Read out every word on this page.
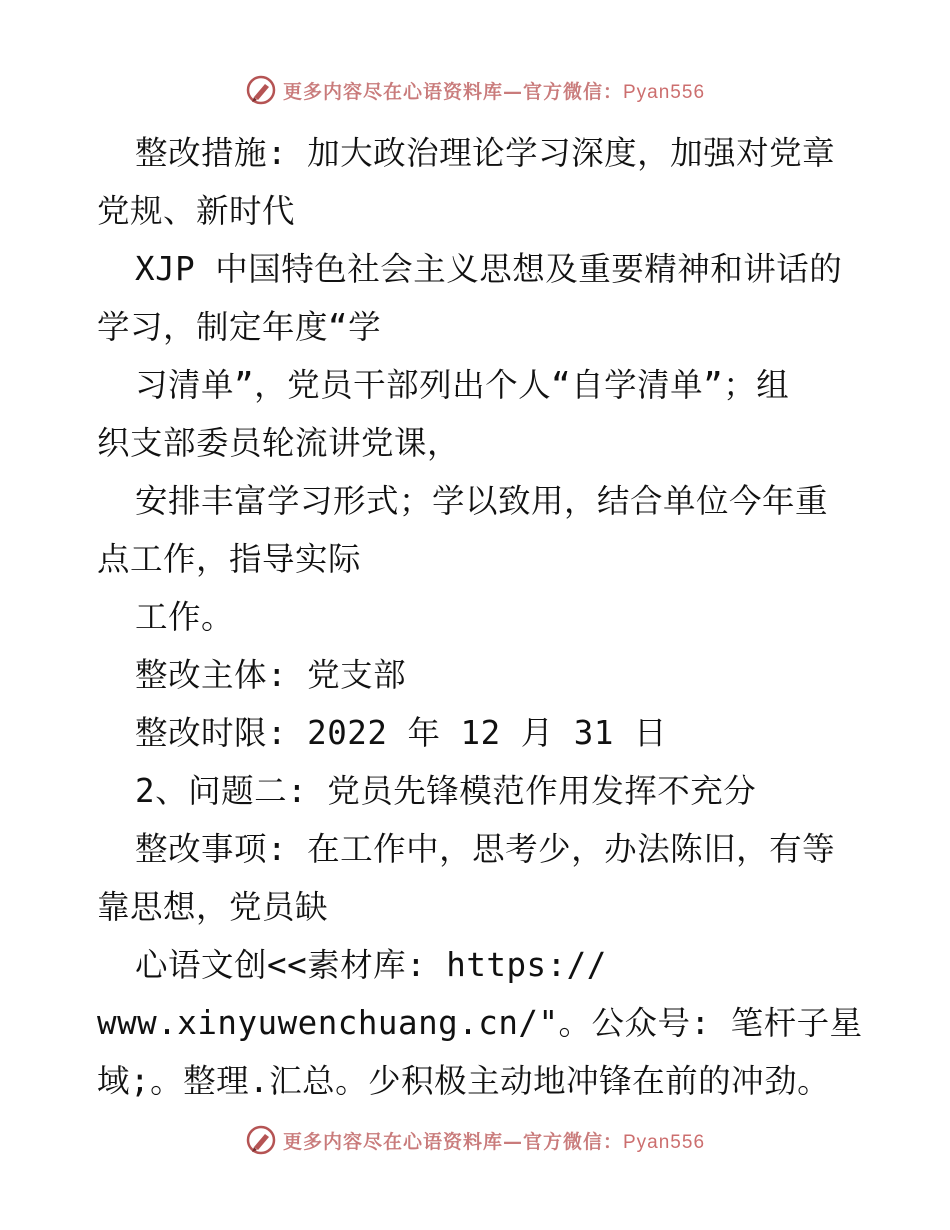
更多内容尽在心语资料库—官方微信：Pyan556
整改措施: 加大政治理论学习深度，加强对党章
党规、新时代
XJP 中国特色社会主义思想及重要精神和讲话的
学习，制定年度“学
习清单”，党员干部列出个人“自学清单”；组
织支部委员轮流讲党课，
安排丰富学习形式；学以致用，结合单位今年重
点工作，指导实际
工作。
整改主体: 党支部
整改时限: 2022 年 12 月 31 日
2、问题二: 党员先锋模范作用发挥不充分
整改事项: 在工作中，思考少，办法陈旧，有等
靠思想，党员缺
心语文创<<素材库: https://
www.xinyuwenchuang.cn/"。公众号: 笔杆子星
域;。整理.汇总。少积极主动地冲锋在前的冲劲。
更多内容尽在心语资料库—官方微信：Pyan556
